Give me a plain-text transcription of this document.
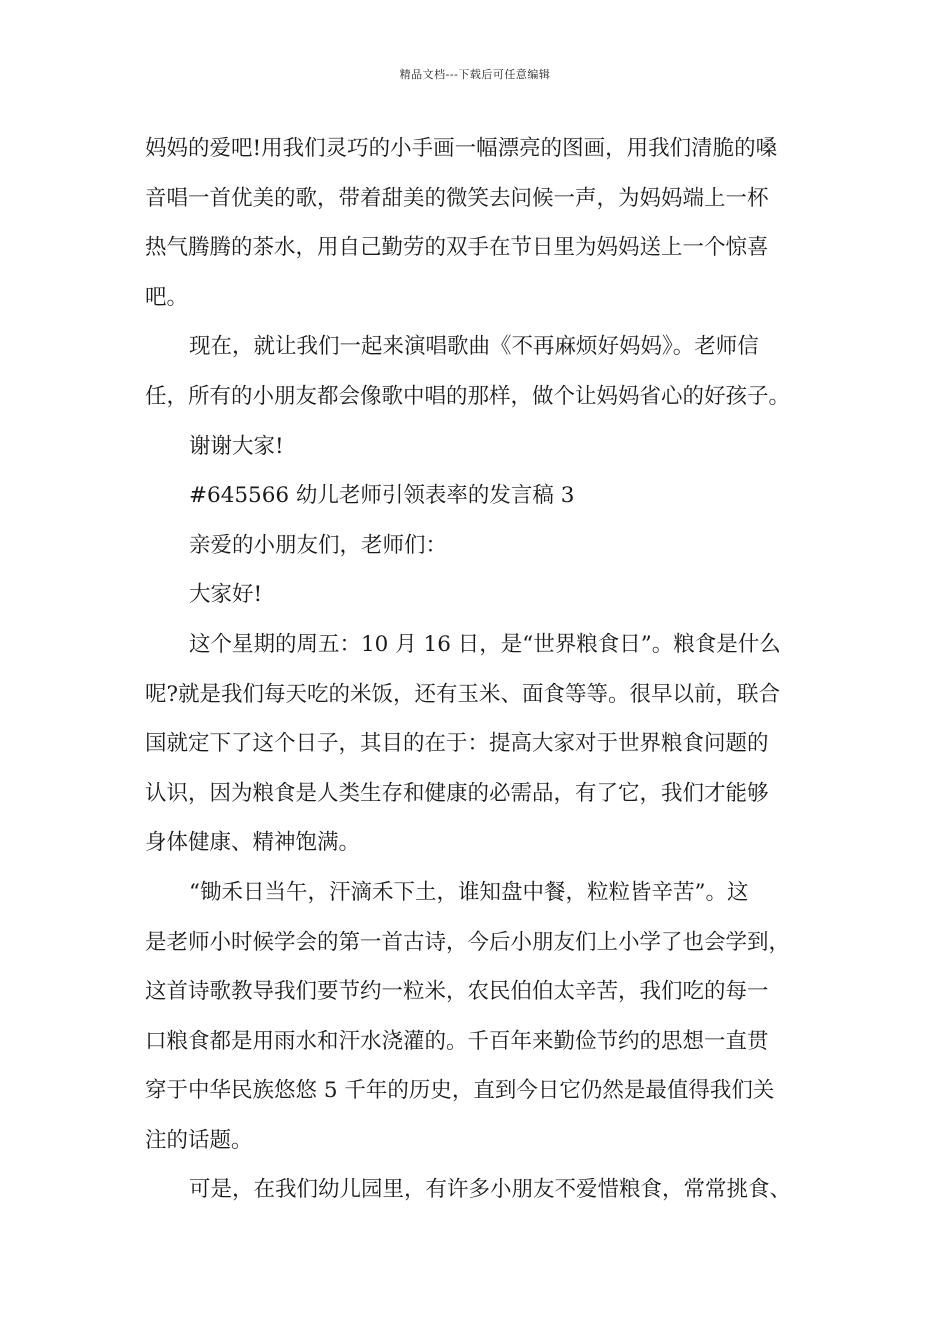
精品文档---下载后可任意编辑
妈妈的爱吧!用我们灵巧的小手画一幅漂亮的图画，用我们清脆的嗓
音唱一首优美的歌，带着甜美的微笑去问候一声，为妈妈端上一杯
热气腾腾的茶水，用自己勤劳的双手在节日里为妈妈送上一个惊喜
吧。
现在，就让我们一起来演唱歌曲《不再麻烦好妈妈》。老师信
任，所有的小朋友都会像歌中唱的那样，做个让妈妈省心的好孩子。
谢谢大家!
#645566 幼儿老师引领表率的发言稿 3
亲爱的小朋友们，老师们：
大家好!
这个星期的周五：10 月 16 日，是“世界粮食日”。粮食是什么
呢?就是我们每天吃的米饭，还有玉米、面食等等。很早以前，联合
国就定下了这个日子，其目的在于：提高大家对于世界粮食问题的
认识，因为粮食是人类生存和健康的必需品，有了它，我们才能够
身体健康、精神饱满。
“锄禾日当午，汗滴禾下土，谁知盘中餐，粒粒皆辛苦”。这
是老师小时候学会的第一首古诗，今后小朋友们上小学了也会学到，
这首诗歌教导我们要节约一粒米，农民伯伯太辛苦，我们吃的每一
口粮食都是用雨水和汗水浇灌的。千百年来勤俭节约的思想一直贯
穿于中华民族悠悠 5 千年的历史，直到今日它仍然是最值得我们关
注的话题。
可是，在我们幼儿园里，有许多小朋友不爱惜粮食，常常挑食、
